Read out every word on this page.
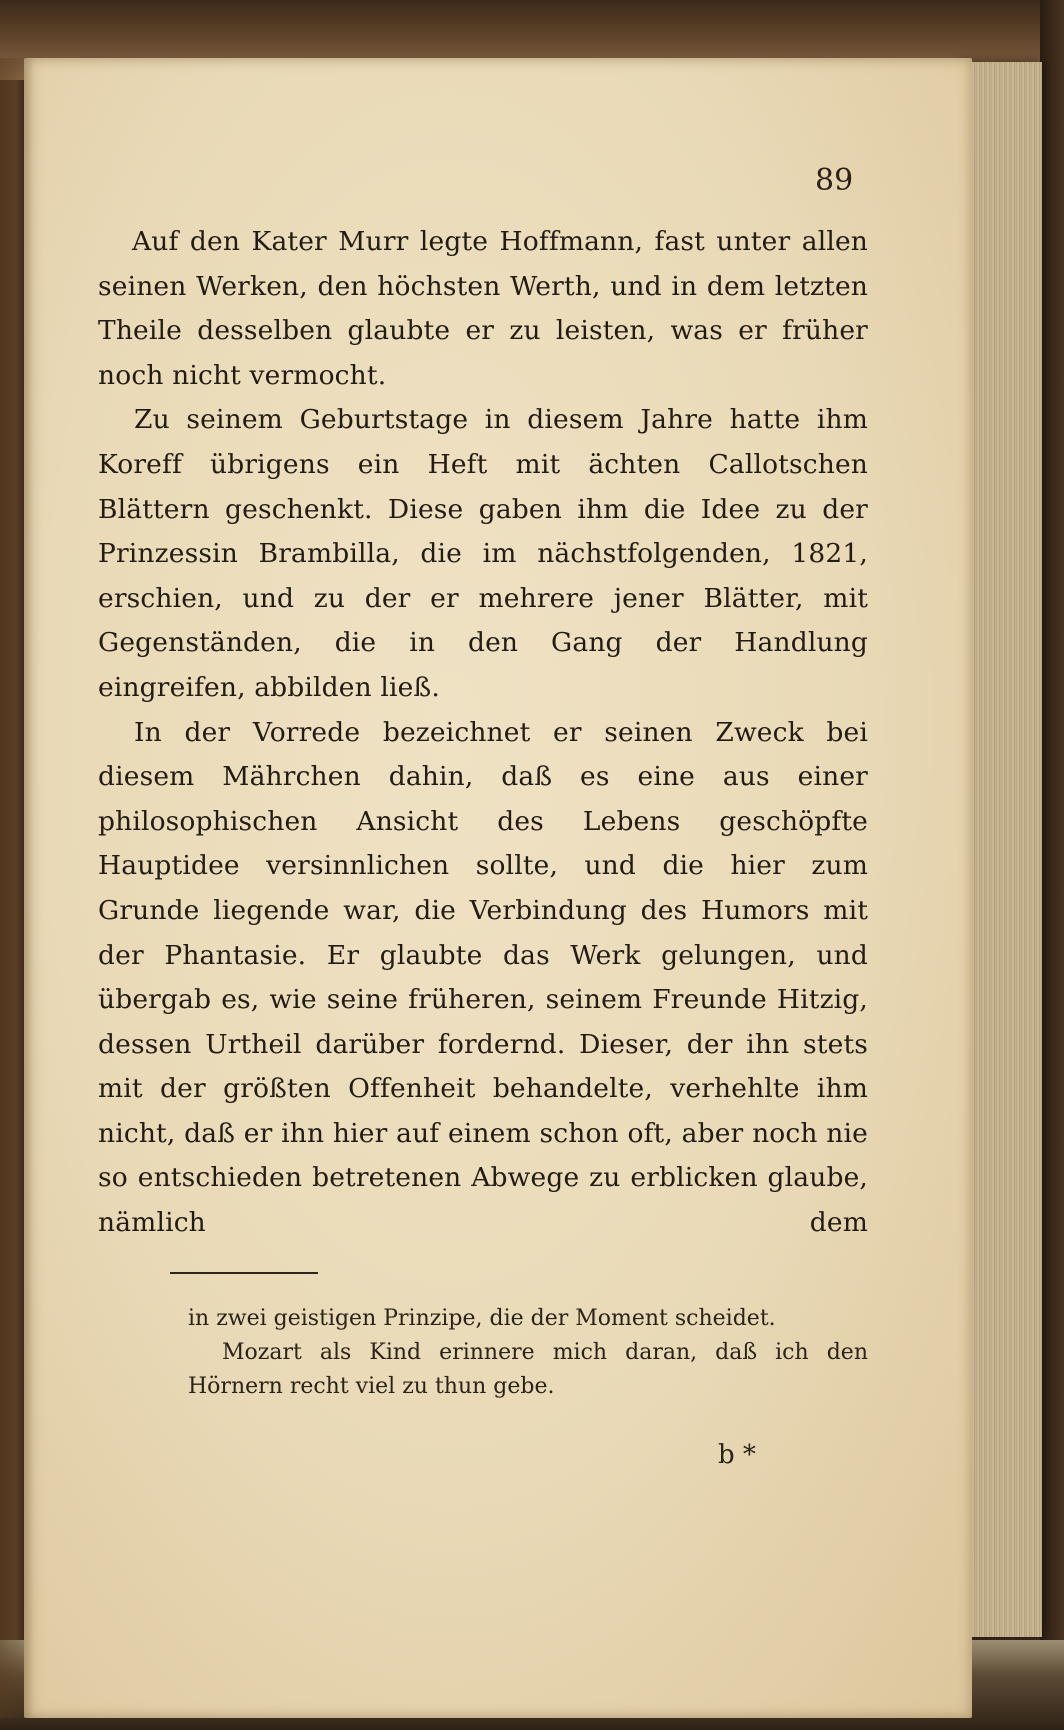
89

Auf den Kater Murr legte Hoffmann, fast unter allen seinen Werken, den höchsten Werth, und in dem letzten Theile desselben glaubte er zu leisten, was er früher noch nicht vermocht.

Zu seinem Geburtstage in diesem Jahre hatte ihm Koreff übrigens ein Heft mit ächten Callotschen Blättern geschenkt. Diese gaben ihm die Idee zu der Prinzessin Brambilla, die im nächstfolgenden, 1821, erschien, und zu der er mehrere jener Blätter, mit Gegenständen, die in den Gang der Handlung eingreifen, abbilden ließ.

In der Vorrede bezeichnet er seinen Zweck bei diesem Mährchen dahin, daß es eine aus einer philosophischen Ansicht des Lebens geschöpfte Hauptidee versinnlichen sollte, und die hier zum Grunde liegende war, die Verbindung des Humors mit der Phantasie. Er glaubte das Werk gelungen, und übergab es, wie seine früheren, seinem Freunde Hitzig, dessen Urtheil darüber fordernd. Dieser, der ihn stets mit der größten Offenheit behandelte, verhehlte ihm nicht, daß er ihn hier auf einem schon oft, aber noch nie so entschieden betretenen Abwege zu erblicken glaube, nämlich dem

in zwei geistigen Prinzipe, die der Moment scheidet.

Mozart als Kind erinnere mich daran, daß ich den Hörnern recht viel zu thun gebe.

b *
